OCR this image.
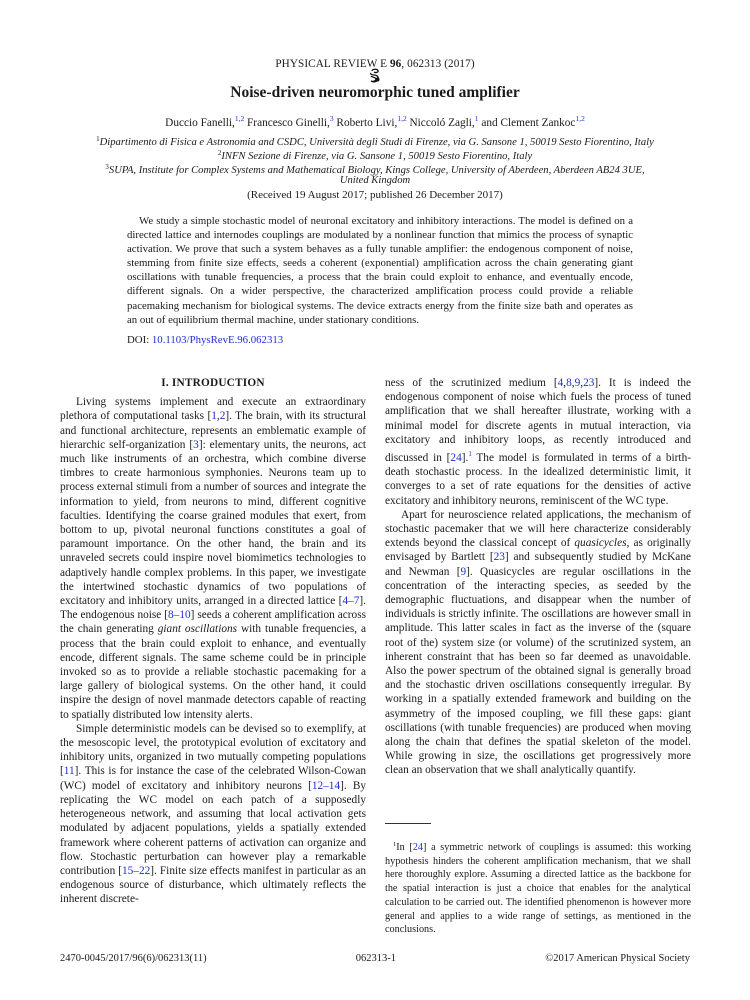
PHYSICAL REVIEW E 96, 062313 (2017)
Noise-driven neuromorphic tuned amplifier
Duccio Fanelli,$^{1,2}$ Francesco Ginelli,$^3$ Roberto Livi,$^{1,2}$ Niccoló Zagli,$^1$ and Clement Zankoc$^{1,2}$
$^1$Dipartimento di Fisica e Astronomia and CSDC, Università degli Studi di Firenze, via G. Sansone 1, 50019 Sesto Fiorentino, Italy
$^2$INFN Sezione di Firenze, via G. Sansone 1, 50019 Sesto Fiorentino, Italy
$^3$SUPA, Institute for Complex Systems and Mathematical Biology, Kings College, University of Aberdeen, Aberdeen AB24 3UE,
United Kingdom
(Received 19 August 2017; published 26 December 2017)
We study a simple stochastic model of neuronal excitatory and inhibitory interactions. The model is defined on a directed lattice and internodes couplings are modulated by a nonlinear function that mimics the process of synaptic activation. We prove that such a system behaves as a fully tunable amplifier: the endogenous component of noise, stemming from finite size effects, seeds a coherent (exponential) amplification across the chain generating giant oscillations with tunable frequencies, a process that the brain could exploit to enhance, and eventually encode, different signals. On a wider perspective, the characterized amplification process could provide a reliable pacemaking mechanism for biological systems. The device extracts energy from the finite size bath and operates as an out of equilibrium thermal machine, under stationary conditions.
DOI: 10.1103/PhysRevE.96.062313
I. INTRODUCTION

Living systems implement and execute an extraordinary plethora of computational tasks [1,2]. The brain, with its structural and functional architecture, represents an emblematic example of hierarchic self-organization [3]: elementary units, the neurons, act much like instruments of an orchestra, which combine diverse timbres to create harmonious symphonies. Neurons team up to process external stimuli from a number of sources and integrate the information to yield, from neurons to mind, different cognitive faculties. Identifying the coarse grained modules that exert, from bottom to up, pivotal neuronal functions constitutes a goal of paramount importance. On the other hand, the brain and its unraveled secrets could inspire novel biomimetics technologies to adaptively handle complex problems. In this paper, we investigate the intertwined stochastic dynamics of two populations of excitatory and inhibitory units, arranged in a directed lattice [4–7]. The endogenous noise [8–10] seeds a coherent amplification across the chain generating giant oscillations with tunable frequencies, a process that the brain could exploit to enhance, and eventually encode, different signals. The same scheme could be in principle invoked so as to provide a reliable stochastic pacemaking for a large gallery of biological systems. On the other hand, it could inspire the design of novel manmade detectors capable of reacting to spatially distributed low intensity alerts.

Simple deterministic models can be devised so to exemplify, at the mesoscopic level, the prototypical evolution of excitatory and inhibitory units, organized in two mutually competing populations [11]. This is for instance the case of the celebrated Wilson-Cowan (WC) model of excitatory and inhibitory neurons [12–14]. By replicating the WC model on each patch of a supposedly heterogeneous network, and assuming that local activation gets modulated by adjacent populations, yields a spatially extended framework where coherent patterns of activation can organize and flow. Stochastic perturbation can however play a remarkable contribution [15–22]. Finite size effects manifest in particular as an endogenous source of disturbance, which ultimately reflects the inherent discrete-

ness of the scrutinized medium [4,8,9,23]. It is indeed the endogenous component of noise which fuels the process of tuned amplification that we shall hereafter illustrate, working with a minimal model for discrete agents in mutual interaction, via excitatory and inhibitory loops, as recently introduced and discussed in [24].$^1$ The model is formulated in terms of a birth-death stochastic process. In the idealized deterministic limit, it converges to a set of rate equations for the densities of active excitatory and inhibitory neurons, reminiscent of the WC type.

Apart for neuroscience related applications, the mechanism of stochastic pacemaker that we will here characterize considerably extends beyond the classical concept of quasicycles, as originally envisaged by Bartlett [23] and subsequently studied by McKane and Newman [9]. Quasicycles are regular oscillations in the concentration of the interacting species, as seeded by the demographic fluctuations, and disappear when the number of individuals is strictly infinite. The oscillations are however small in amplitude. This latter scales in fact as the inverse of the (square root of the) system size (or volume) of the scrutinized system, an inherent constraint that has been so far deemed as unavoidable. Also the power spectrum of the obtained signal is generally broad and the stochastic driven oscillations consequently irregular. By working in a spatially extended framework and building on the asymmetry of the imposed coupling, we fill these gaps: giant oscillations (with tunable frequencies) are produced when moving along the chain that defines the spatial skeleton of the model. While growing in size, the oscillations get progressively more clean an observation that we shall analytically quantify.

$^1$In [24] a symmetric network of couplings is assumed: this working hypothesis hinders the coherent amplification mechanism, that we shall here thoroughly explore. Assuming a directed lattice as the backbone for the spatial interaction is just a choice that enables for the analytical calculation to be carried out. The identified phenomenon is however more general and applies to a wide range of settings, as mentioned in the conclusions.
2470-0045/2017/96(6)/062313(11)	062313-1	©2017 American Physical Society
